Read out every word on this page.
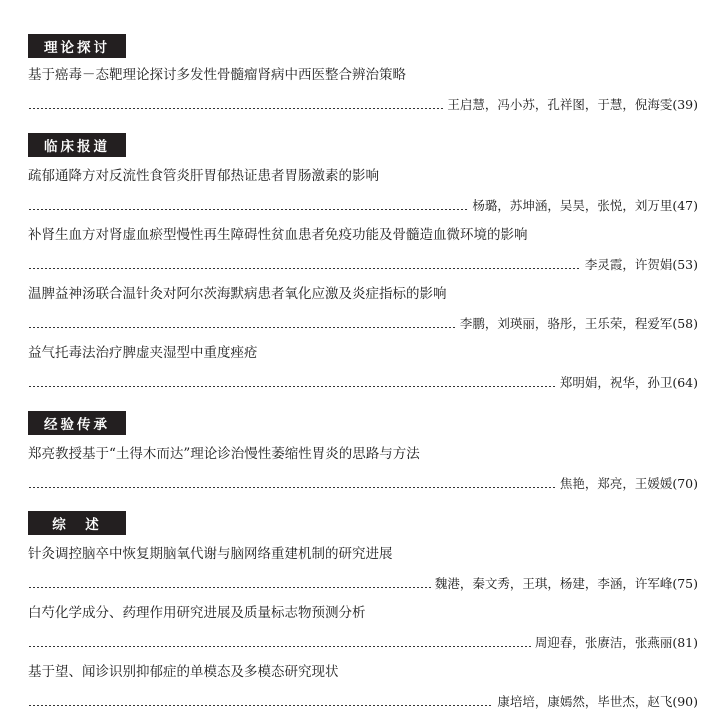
理论探讨
基于癌毒－态靶理论探讨多发性骨髓瘤肾病中西医整合辨治策略
王启慧，冯小苏，孔祥图，于慧，倪海雯(39)
临床报道
疏郁通降方对反流性食管炎肝胃郁热证患者胃肠激素的影响
杨璐，苏坤涵，吴昊，张悦，刘万里(47)
补肾生血方对肾虚血瘀型慢性再生障碍性贫血患者免疫功能及骨髓造血微环境的影响
李灵霞，许贺娟(53)
温脾益神汤联合温针灸对阿尔茨海默病患者氧化应激及炎症指标的影响
李鹏，刘瑛丽，骆彤，王乐荣，程爱军(58)
益气托毒法治疗脾虚夹湿型中重度痤疮
郑明娟，祝华，孙卫(64)
经验传承
郑亮教授基于“土得木而达”理论诊治慢性萎缩性胃炎的思路与方法
焦艳，郑亮，王媛媛(70)
综　述
针灸调控脑卒中恢复期脑氧代谢与脑网络重建机制的研究进展
魏港，秦文秀，王琪，杨建，李涵，许军峰(75)
白芍化学成分、药理作用研究进展及质量标志物预测分析
周迎春，张赓洁，张燕丽(81)
基于望、闻诊识别抑郁症的单模态及多模态研究现状
康培培，康嫣然，毕世杰，赵飞(90)
